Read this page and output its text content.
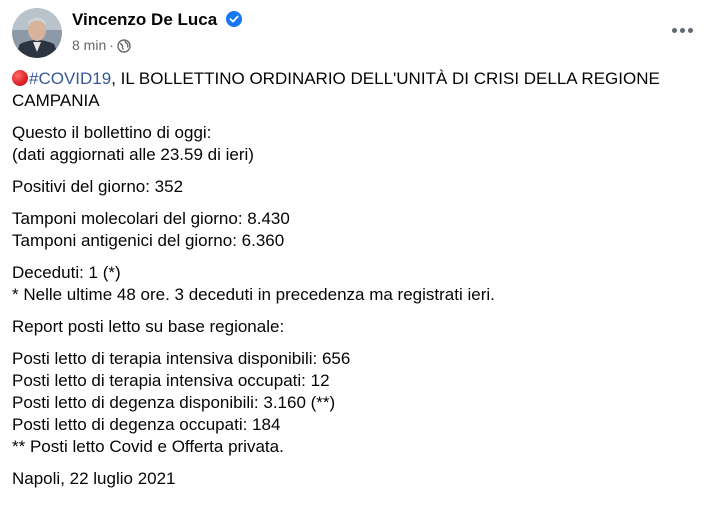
Vincenzo De Luca
8 min ·

#COVID19, IL BOLLETTINO ORDINARIO DELL'UNITÀ DI CRISI DELLA REGIONE CAMPANIA

Questo il bollettino di oggi:
(dati aggiornati alle 23.59 di ieri)

Positivi del giorno: 352

Tamponi molecolari del giorno: 8.430
Tamponi antigenici del giorno: 6.360

Deceduti: 1 (*)
* Nelle ultime 48 ore. 3 deceduti in precedenza ma registrati ieri.

Report posti letto su base regionale:

Posti letto di terapia intensiva disponibili: 656
Posti letto di terapia intensiva occupati: 12
Posti letto di degenza disponibili: 3.160 (**)
Posti letto di degenza occupati: 184
** Posti letto Covid e Offerta privata.

Napoli, 22 luglio 2021
